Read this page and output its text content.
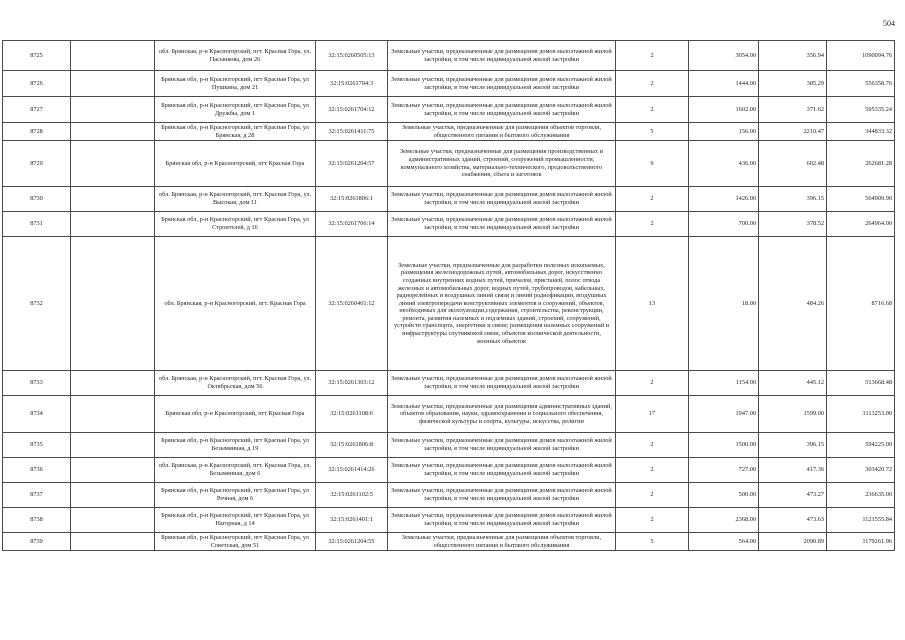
504
8725		обл. Брянская, р-н Красногорский, пгт. Красная Гора, ул. Пасынкова, дом 26	32:15:0260505:13	Земельные участки, предназначенные для размещения домов малоэтажной жилой застройки, в том числе индивидуальной жилой застройки	2	3054.00	356.94	1090094.76
8726		Брянская обл, р-н Красногорский, пгт Красная Гора, ул Пушкина, дом 21	32:15:0261704:3	Земельные участки, предназначенные для размещения домов малоэтажной жилой застройки, в том числе индивидуальной жилой застройки	2	1444.00	385.29	556358.76
8727		Брянская обл, р-н Красногорский, пгт Красная Гора, ул Дружбы, дом 1	32:15:0261704:12	Земельные участки, предназначенные для размещения домов малоэтажной жилой застройки, в том числе индивидуальной жилой застройки	2	1602.00	371.62	595335.24
8728		Брянская обл, р-н Красногорский, пгт Красная Гора, ул Брянская, д 28	32:15:0261411:75	Земельные участки, предназначенные для размещения объектов торговли, общественного питания и бытового обслуживания	5	156.00	2210.47	344833.32
8729		Брянская обл, р-н Красногорский, пгт Красная Гора	32:15:0261204:57	Земельные участки, предназначенные для размещения производственных и административных зданий, строений, сооружений промышленности, коммунального хозяйства, материально-технического, продовольственного снабжения, сбыта и заготовок	9	436.00	602.48	262681.28
8730		обл. Брянская, р-н Красногорский, пгт. Красная Гора, ул. Высокая, дом 11	32:15:0261806:1	Земельные участки, предназначенные для размещения домов малоэтажной жилой застройки, в том числе индивидуальной жилой застройки	2	1426.00	396.15	564909.90
8731		Брянская обл, р-н Красногорский, пгт Красная Гора, ул Строителей, д 16	32:15:0261706:14	Земельные участки, предназначенные для размещения домов малоэтажной жилой застройки, в том числе индивидуальной жилой застройки	2	700.00	378.52	264964.00
8732		обл. Брянская, р-н Красногорский, пгт. Красная Гора	32:15:0260401:12	Земельные участки, предназначенные для разработки полезных ископаемых, размещения железнодорожных путей, автомобильных дорог, искусственно созданных внутренних водных путей, причалов, пристаней, полос отвода железных и автомобильных дорог, водных путей, трубопроводов, кабельных, радиорелейных и воздушных линий связи и линий радиофикации, воздушных линий электропередачи конструктивных элементов и сооружений, объектов, необходимых для эксплуатации,содержания, строительства, реконструкции, ремонта, развития наземных и подземных зданий, строений, сооружений, устройств транспорта, энергетики и связи; размещения наземных сооружений и инфраструктуры спутниковой связи, объектов космической деятельности, военных объектов	13	18.00	484.26	8716.68
8733		обл. Брянская, р-н Красногорский, пгт. Красная Гора, ул. Октябрьская, дом 56	32:15:0261303:12	Земельные участки, предназначенные для размещения домов малоэтажной жилой застройки, в том числе индивидуальной жилой застройки	2	1154.00	445.12	513668.48
8734		Брянская обл, р-н Красногорский, пгт Красная Гора	32:15:0261108:6	Земельные участки, предназначенные для размещения административных зданий, объектов образования, науки, здравоохранения и социального обеспечения, физической культуры и спорта, культуры, искусства, религии	17	1947.00	1599.00	3113253.00
8735		Брянская обл, р-н Красногорский, пгт Красная Гора, ул Безымянная, д 19	32:15:0261806:8	Земельные участки, предназначенные для размещения домов малоэтажной жилой застройки, в том числе индивидуальной жилой застройки	2	1500.00	396.15	594225.00
8736		обл. Брянская, р-н Красногорский, пгт. Красная Гора, ул. Безымянная, дом 6	32:15:0261414:26	Земельные участки, предназначенные для размещения домов малоэтажной жилой застройки, в том числе индивидуальной жилой застройки	2	727.00	417.36	303420.72
8737		Брянская обл, р-н Красногорский, пгт Красная Гора, ул Речная, дом 6	32:15:0261102:5	Земельные участки, предназначенные для размещения домов малоэтажной жилой застройки, в том числе индивидуальной жилой застройки	2	500.00	473.27	236635.00
8738		Брянская обл, р-н Красногорский, пгт Красная Гора, ул Нагорная, д 14	32:15:0261401:1	Земельные участки, предназначенные для размещения домов малоэтажной жилой застройки, в том числе индивидуальной жилой застройки	2	2368.00	473.63	1121555.84
8739		Брянская обл, р-н Красногорский, пгт Красная Гора, ул Советская, дом 51	32:15:0261204:55	Земельные участки, предназначенные для размещения объектов торговли, общественного питания и бытового обслуживания	5	564.00	2090.89	1179261.96
